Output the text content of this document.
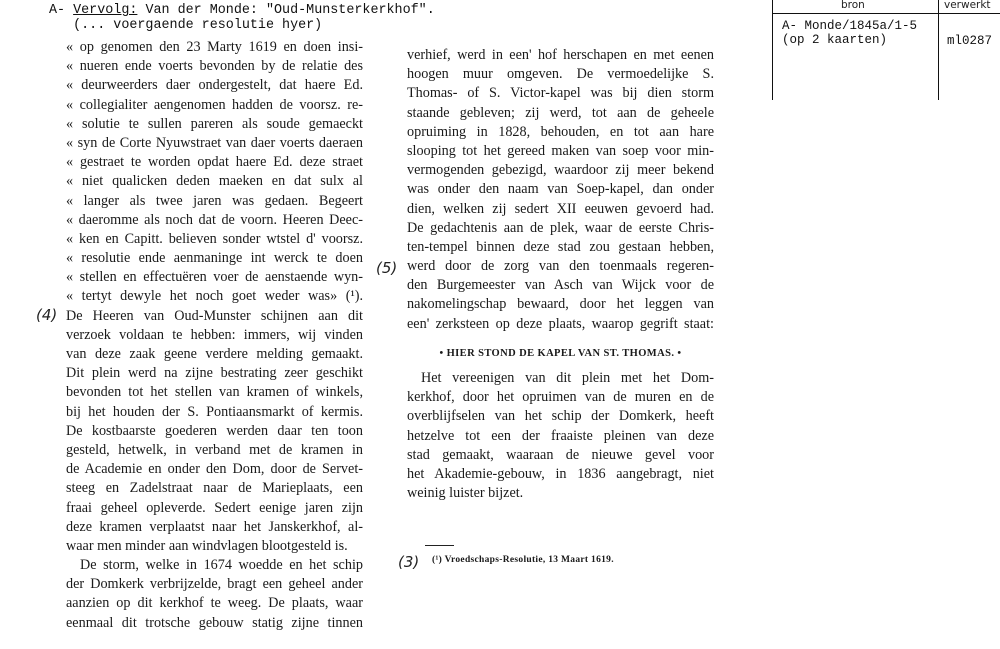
A- Vervolg: Van der Monde: "Oud-Munsterkerkhof".
(... voergaende resolutie hyer)
bron	verwerkt
A- Monde/1845a/1-5
(op 2 kaarten)	ml0287
« op genomen den 23 Marty 1619 en doen insi-
« nueren ende voerts bevonden by de relatie des
« deurweerders daer ondergestelt, dat haere Ed.
« collegialiter aengenomen hadden de voorsz. re-
« solutie te sullen pareren als soude gemaeckt
« syn de Corte Nyuwstraet van daer voerts daeraen
« gestraet te worden opdat haere Ed. deze straet
« niet qualicken deden maeken en dat sulx al
« langer als twee jaren was gedaen. Begeert
« daeromme als noch dat de voorn. Heeren Deec-
« ken en Capitt. believen sonder wtstel d' voorsz.
« resolutie ende aenmaninge int werck te doen
« stellen en effectuëren voer de aenstaende wyn-
« tertyt dewyle het noch goet weder was» (¹).
De Heeren van Oud-Munster schijnen aan dit
verzoek voldaan te hebben: immers, wij vinden
van deze zaak geene verdere melding gemaakt.
Dit plein werd na zijne bestrating zeer geschikt
bevonden tot het stellen van kramen of winkels,
bij het houden der S. Pontiaansmarkt of kermis.
De kostbaarste goederen werden daar ten toon
gesteld, hetwelk, in verband met de kramen in
de Academie en onder den Dom, door de Servet-
steeg en Zadelstraat naar de Marieplaats, een
fraai geheel opleverde. Sedert eenige jaren zijn
deze kramen verplaatst naar het Janskerkhof, al-
waar men minder aan windvlagen blootgesteld is.
De storm, welke in 1674 woedde en het schip
der Domkerk verbrijzelde, bragt een geheel ander
aanzien op dit kerkhof te weeg. De plaats, waar
eenmaal dit trotsche gebouw statig zijne tinnen
verhief, werd in een' hof herschapen en met eenen
hoogen muur omgeven. De vermoedelijke S.
Thomas- of S. Victor-kapel was bij dien storm
staande gebleven; zij werd, tot aan de geheele
opruiming in 1828, behouden, en tot aan hare
slooping tot het gereed maken van soep voor min-
vermogenden gebezigd, waardoor zij meer bekend
was onder den naam van Soep-kapel, dan onder
dien, welken zij sedert XII eeuwen gevoerd had.
De gedachtenis aan de plek, waar de eerste Chris-
ten-tempel binnen deze stad zou gestaan hebben,
werd door de zorg van den toenmaals regeren-
den Burgemeester van Asch van Wijck voor de
nakomelingschap bewaard, door het leggen van
een' zerksteen op deze plaats, waarop gegrift staat:
• HIER STOND DE KAPEL VAN ST. THOMAS. •
Het vereenigen van dit plein met het Dom-
kerkhof, door het opruimen van de muren en de
overblijfselen van het schip der Domkerk, heeft
hetzelve tot een der fraaiste pleinen van deze
stad gemaakt, waaraan de nieuwe gevel voor
het Akademie-gebouw, in 1836 aangebragt, niet
weinig luister bijzet.
(4)
(5)
(3) (¹) Vroedschaps-Resolutie, 13 Maart 1619.
